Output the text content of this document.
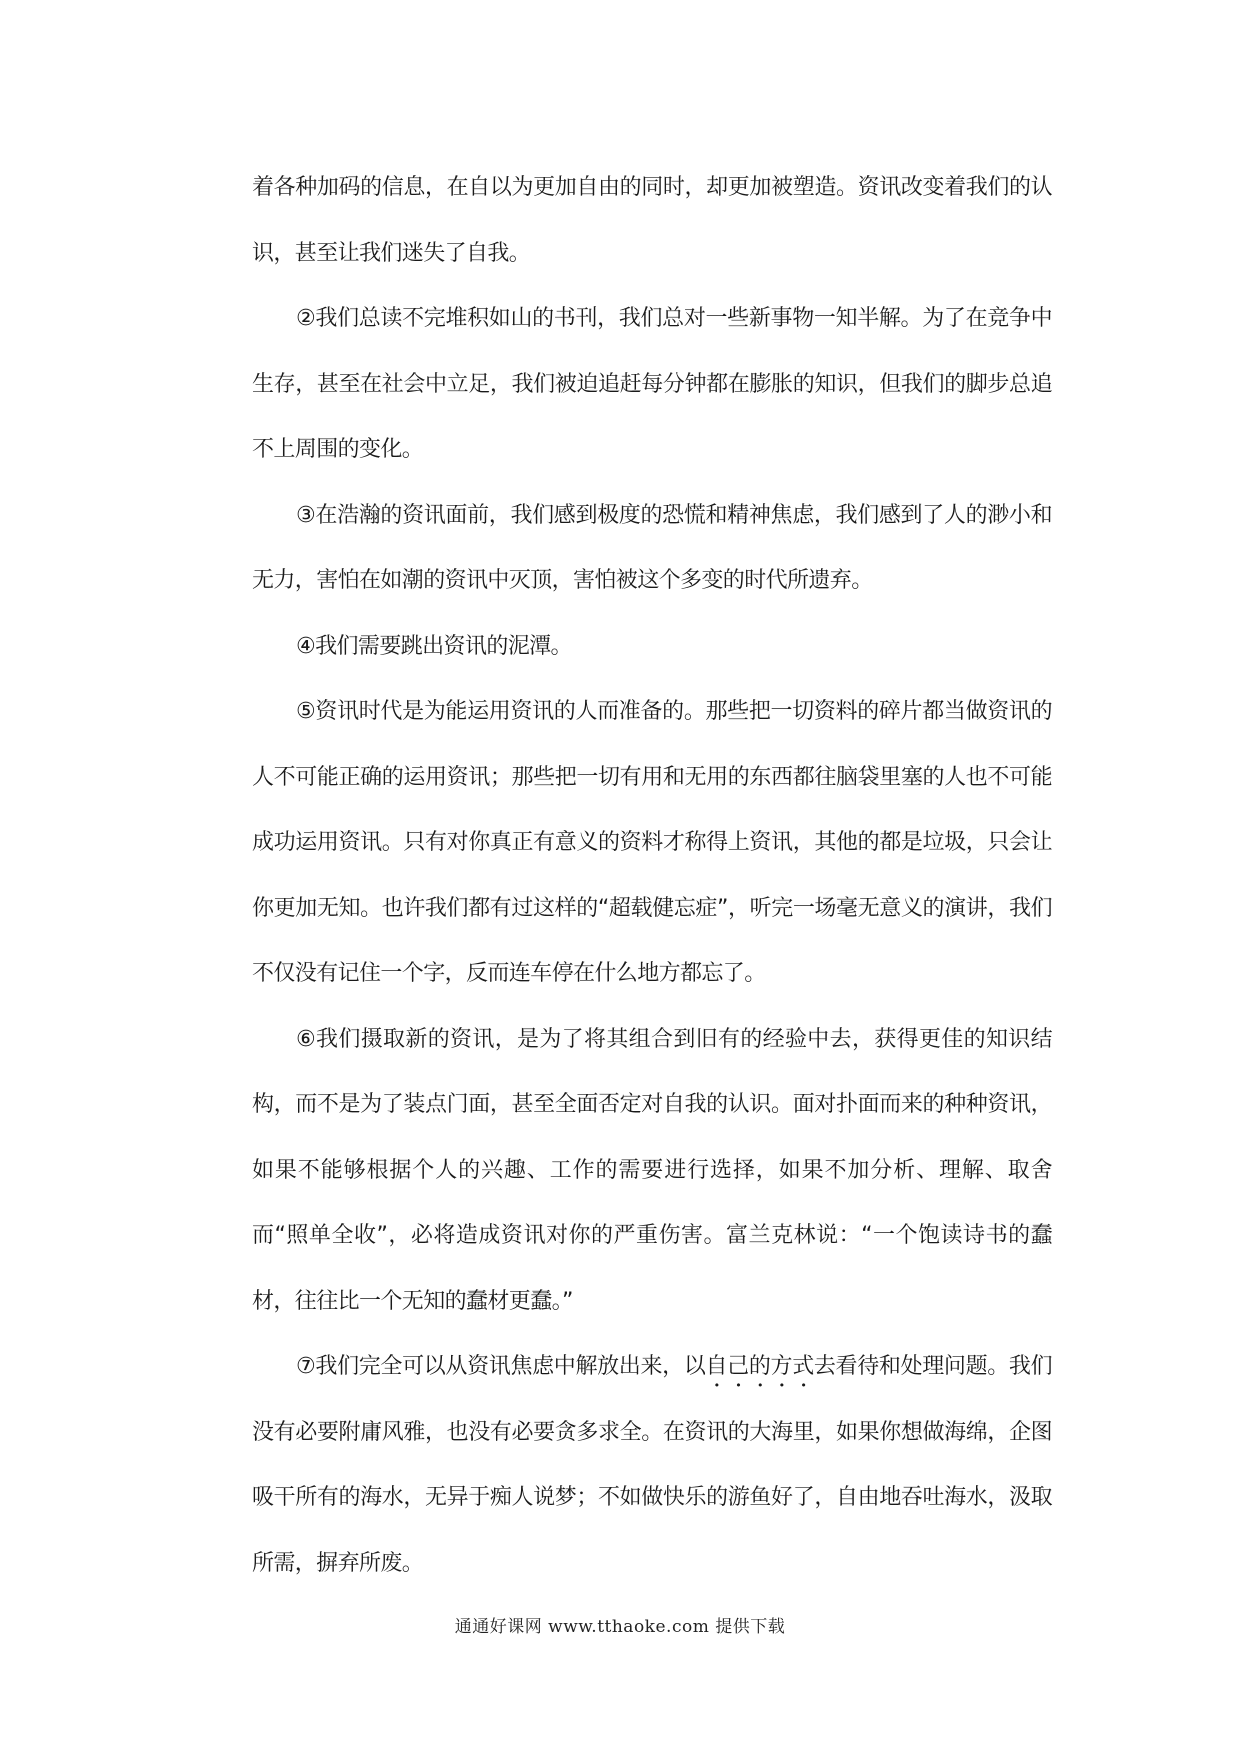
着各种加码的信息，在自以为更加自由的同时，却更加被塑造。资讯改变着我们的认识，甚至让我们迷失了自我。

②我们总读不完堆积如山的书刊，我们总对一些新事物一知半解。为了在竞争中生存，甚至在社会中立足，我们被迫追赶每分钟都在膨胀的知识，但我们的脚步总追不上周围的变化。

③在浩瀚的资讯面前，我们感到极度的恐慌和精神焦虑，我们感到了人的渺小和无力，害怕在如潮的资讯中灭顶，害怕被这个多变的时代所遗弃。

④我们需要跳出资讯的泥潭。

⑤资讯时代是为能运用资讯的人而准备的。那些把一切资料的碎片都当做资讯的人不可能正确的运用资讯；那些把一切有用和无用的东西都往脑袋里塞的人也不可能成功运用资讯。只有对你真正有意义的资料才称得上资讯，其他的都是垃圾，只会让你更加无知。也许我们都有过这样的“超载健忘症”，听完一场毫无意义的演讲，我们不仅没有记住一个字，反而连车停在什么地方都忘了。

⑥我们摄取新的资讯，是为了将其组合到旧有的经验中去，获得更佳的知识结构，而不是为了装点门面，甚至全面否定对自我的认识。面对扑面而来的种种资讯，如果不能够根据个人的兴趣、工作的需要进行选择，如果不加分析、理解、取舍而“照单全收”，必将造成资讯对你的严重伤害。富兰克林说：“一个饱读诗书的蠢材，往往比一个无知的蠢材更蠢。”

⑦我们完全可以从资讯焦虑中解放出来，以自己的方式去看待和处理问题。我们没有必要附庸风雅，也没有必要贪多求全。在资讯的大海里，如果你想做海绵，企图吸干所有的海水，无异于痴人说梦；不如做快乐的游鱼好了，自由地吞吐海水，汲取所需，摒弃所废。

通通好课网 www.tthaoke.com 提供下载
